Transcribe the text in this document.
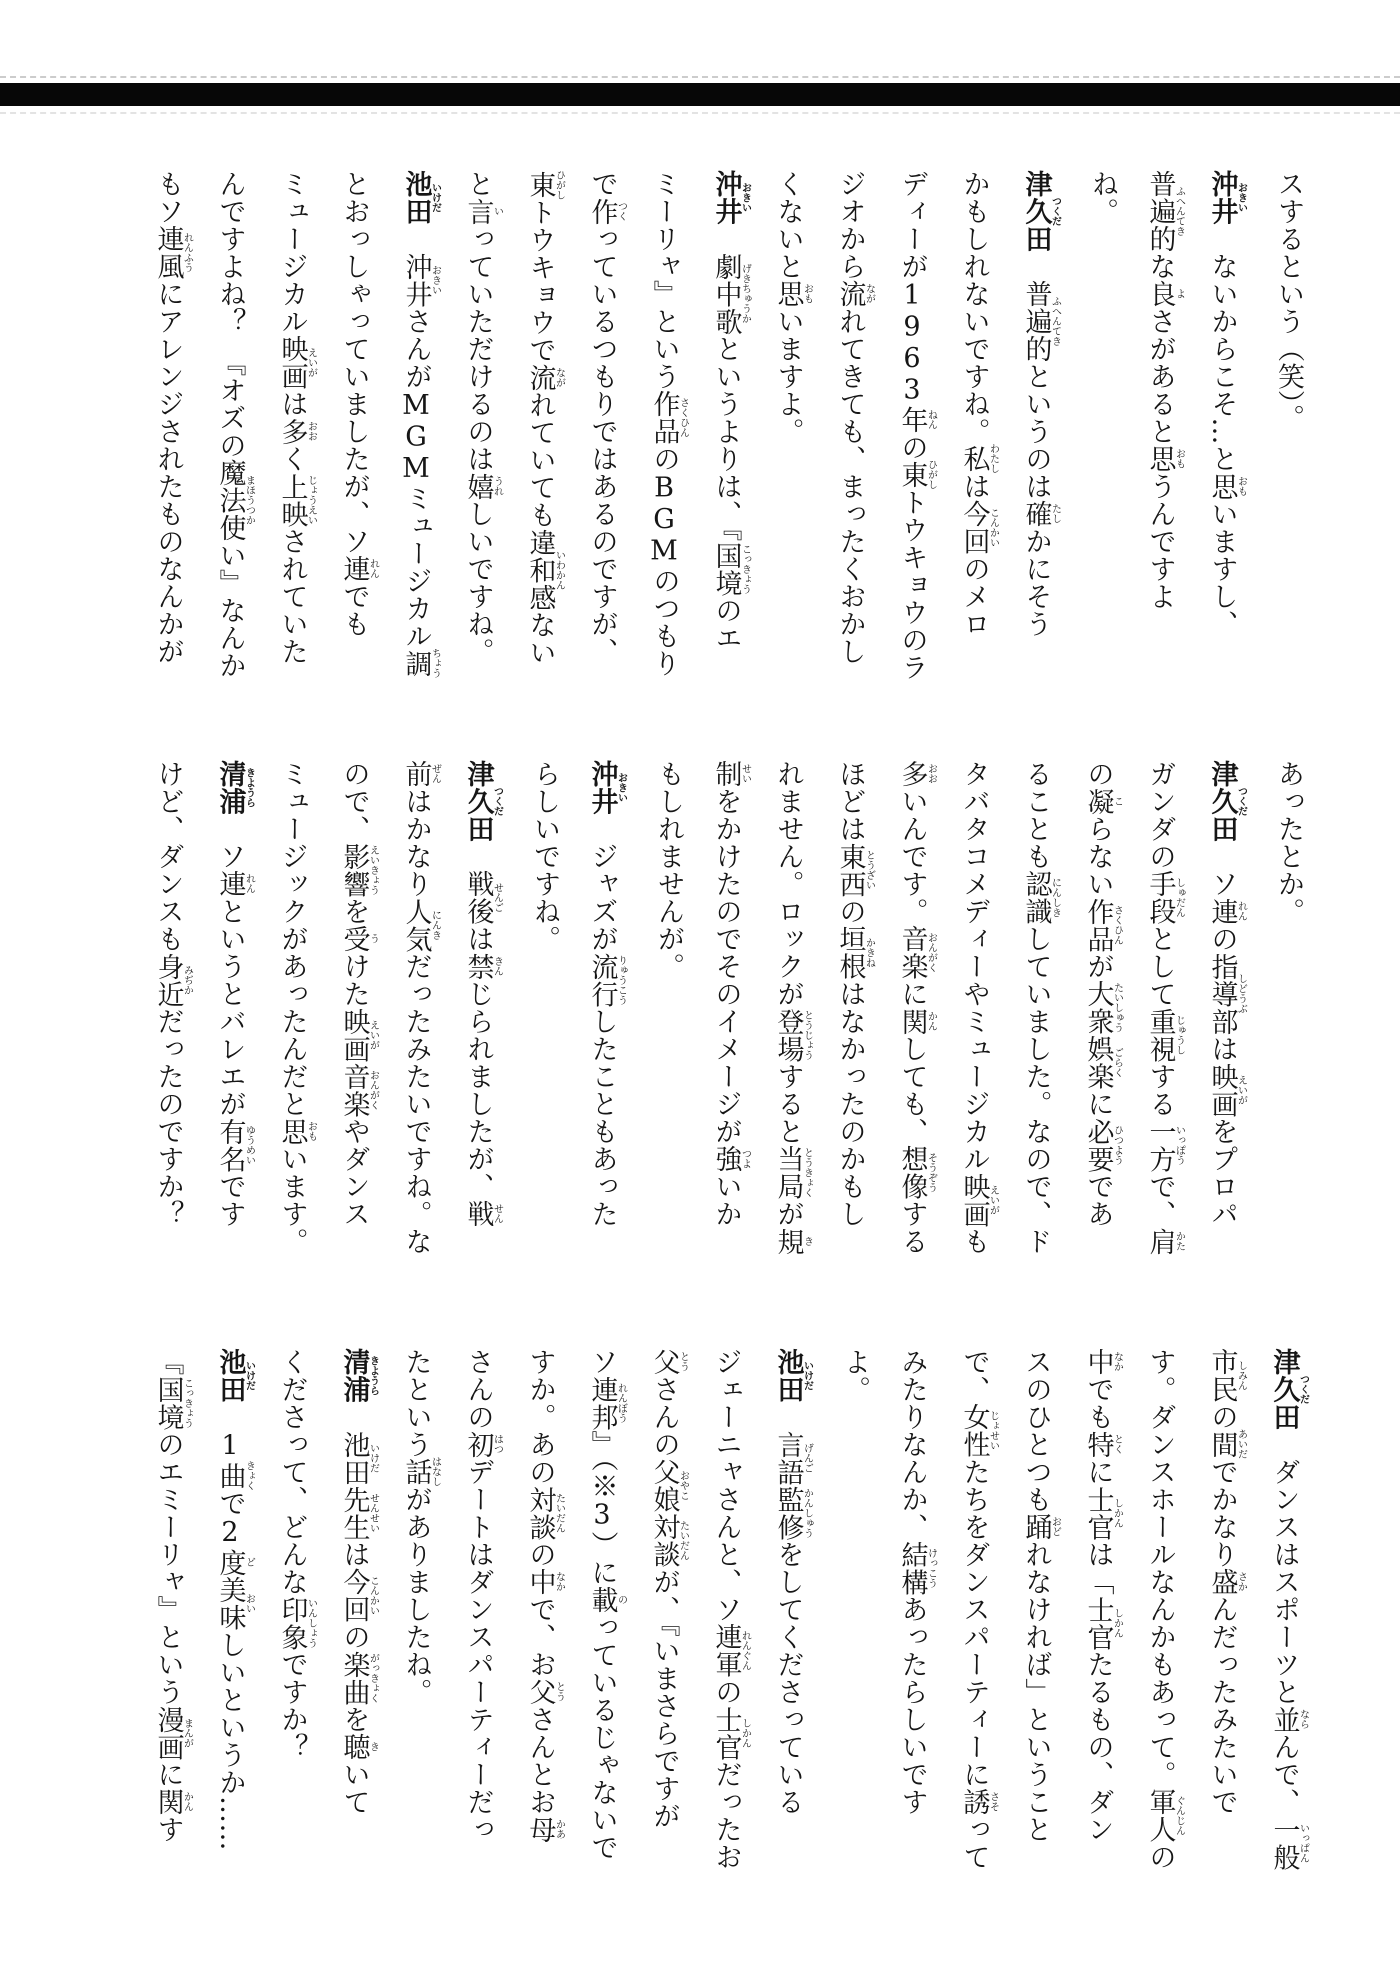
スするという（笑）。

沖井おきい　ないからこそ…と思おもいますし、

普遍的ふへんてきな良よさがあると思おもうんですよ

ね。

津久田つくだ　普遍的ふへんてきというのは確たしかにそう

かもしれないですね。私わたしは今回こんかいのメロ

ディーが1963年ねんの東ひがしトウキョウのラ

ジオから流ながれてきても、まったくおかし

くないと思おもいますよ。

沖井おきい　劇中歌げきちゅうかというよりは、『国境こっきょうのエ

ミーリャ』という作品さくひんのBGMのつもり

で作つくっているつもりではあるのですが、

東ひがしトウキョウで流ながれていても違和感いわかんない

と言いっていただけるのは嬉うれしいですね。

池田いけだ　沖井おきいさんがMGMミュージカル調ちょう

とおっしゃっていましたが、ソ連れんでも

ミュージカル映画えいがは多おおく上映じょうえいされていた

んですよね？　『オズの魔法使まほうつかい』なんか

もソ連風れんふうにアレンジされたものなんかが

あったとか。

津久田つくだ　ソ連れんの指導部しどうぶは映画えいがをプロパ

ガンダの手段しゅだんとして重視じゅうしする一方いっぽうで、肩かた

の凝こらない作品さくひんが大衆たいしゅう娯楽ごらくに必要ひつようであ

ることも認識にんしきしていました。なので、ド

タバタコメディーやミュージカル映画えいがも

多おおいんです。音楽おんがくに関かんしても、想像そうぞうする

ほどは東西とうざいの垣根かきねはなかったのかもし

れません。ロックが登場とうじょうすると当局とうきょくが規き

制せいをかけたのでそのイメージが強つよいか

もしれませんが。

沖井おきい　ジャズが流行りゅうこうしたこともあった

らしいですね。

津久田つくだ　戦後せんごは禁きんじられましたが、戦せん

前ぜんはかなり人気にんきだったみたいですね。な

ので、影響えいきょうを受うけた映画えいが音楽おんがくやダンス

ミュージックがあったんだと思おもいます。

清浦きようら　ソ連れんというとバレエが有名ゆうめいです

けど、ダンスも身近みぢかだったのですか？

津久田つくだ　ダンスはスポーツと並ならんで、一般いっぱん

市民しみんの間あいだでかなり盛さかんだったみたいで

す。ダンスホールなんかもあって。軍人ぐんじんの

中なかでも特とくに士官しかんは「士官しかんたるもの、ダン

スのひとつも踊おどれなければ」ということ

で、女性じょせいたちをダンスパーティーに誘さそって

みたりなんか、結構けっこうあったらしいです

よ。

池田いけだ　言語げんご監修かんしゅうをしてくださっている

ジェーニャさんと、ソ連軍れんぐんの士官しかんだったお

父とうさんの父娘おやこ対談たいだんが、『いまさらですが

ソ連邦れんぼう』（※3）に載のっているじゃないで

すか。あの対談たいだんの中なかで、お父とうさんとお母かあ

さんの初はつデートはダンスパーティーだっ

たという話はなしがありましたね。

清浦きようら　池田いけだ先生せんせいは今回こんかいの楽曲がっきょくを聴きいて

くださって、どんな印象いんしょうですか？

池田いけだ　1曲きょくで2度ど美味おいしいというか……

『国境こっきょうのエミーリャ』という漫画まんがに関かんす
